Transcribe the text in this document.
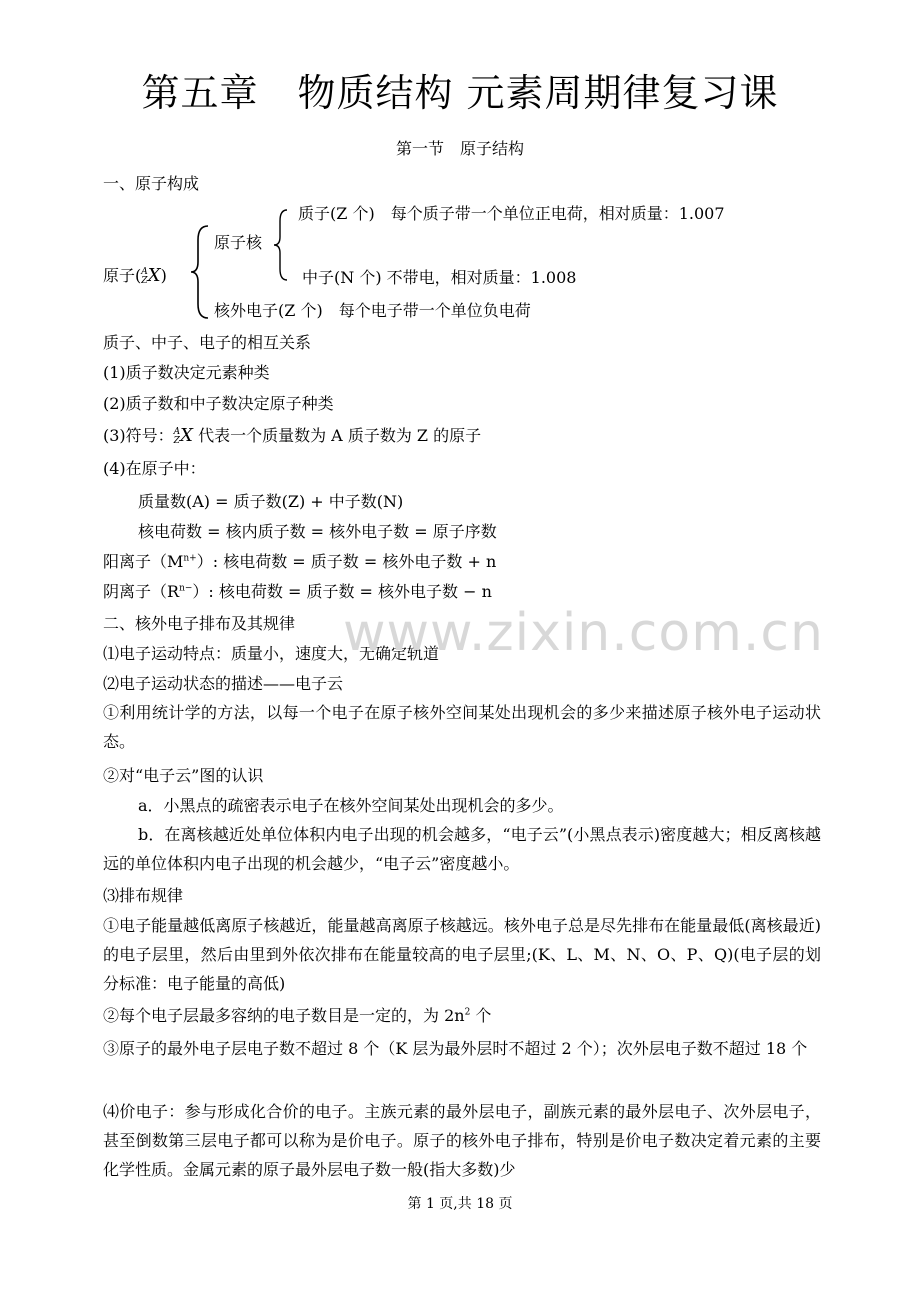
第五章　物质结构 元素周期律复习课
第一节　原子结构
一、原子构成
原子(A
ZX)
原子核
质子(Z 个)　每个质子带一个单位正电荷，相对质量：1.007
中子(N 个) 不带电，相对质量：1.008
核外电子(Z 个)　每个电子带一个单位负电荷
质子、中子、电子的相互关系
(1)质子数决定元素种类
(2)质子数和中子数决定原子种类
(3)符号：A
ZX 代表一个质量数为 A 质子数为 Z 的原子
(4)在原子中：
质量数(A) = 质子数(Z) + 中子数(N)
核电荷数 = 核内质子数 = 核外电子数 = 原子序数
阳离子$(M^{n+})$: 核电荷数 = 质子数 = 核外电子数 + n
阴离子$(R^{n-})$: 核电荷数 = 质子数 = 核外电子数 − n
二、核外电子排布及其规律
⑴电子运动特点：质量小，速度大，无确定轨道
⑵电子运动状态的描述——电子云
①利用统计学的方法，以每一个电子在原子核外空间某处出现机会的多少来描述原子核外电子运动状态。
②对“电子云”图的认识
a．小黑点的疏密表示电子在核外空间某处出现机会的多少。
b．在离核越近处单位体积内电子出现的机会越多，“电子云”(小黑点表示)密度越大；相反离核越远的单位体积内电子出现的机会越少，“电子云”密度越小。
⑶排布规律
①电子能量越低离原子核越近，能量越高离原子核越远。核外电子总是尽先排布在能量最低(离核最近)的电子层里，然后由里到外依次排布在能量较高的电子层里;(K、L、M、N、O、P、Q)(电子层的划分标准：电子能量的高低)
②每个电子层最多容纳的电子数目是一定的，为 $2n^2$ 个
③原子的最外电子层电子数不超过 8 个（K 层为最外层时不超过 2 个）；次外层电子数不超过 18 个
⑷价电子：参与形成化合价的电子。主族元素的最外层电子，副族元素的最外层电子、次外层电子，甚至倒数第三层电子都可以称为是价电子。原子的核外电子排布，特别是价电子数决定着元素的主要化学性质。金属元素的原子最外层电子数一般(指大多数)少
www.zixin.com.cn
第 1 页,共 18 页
